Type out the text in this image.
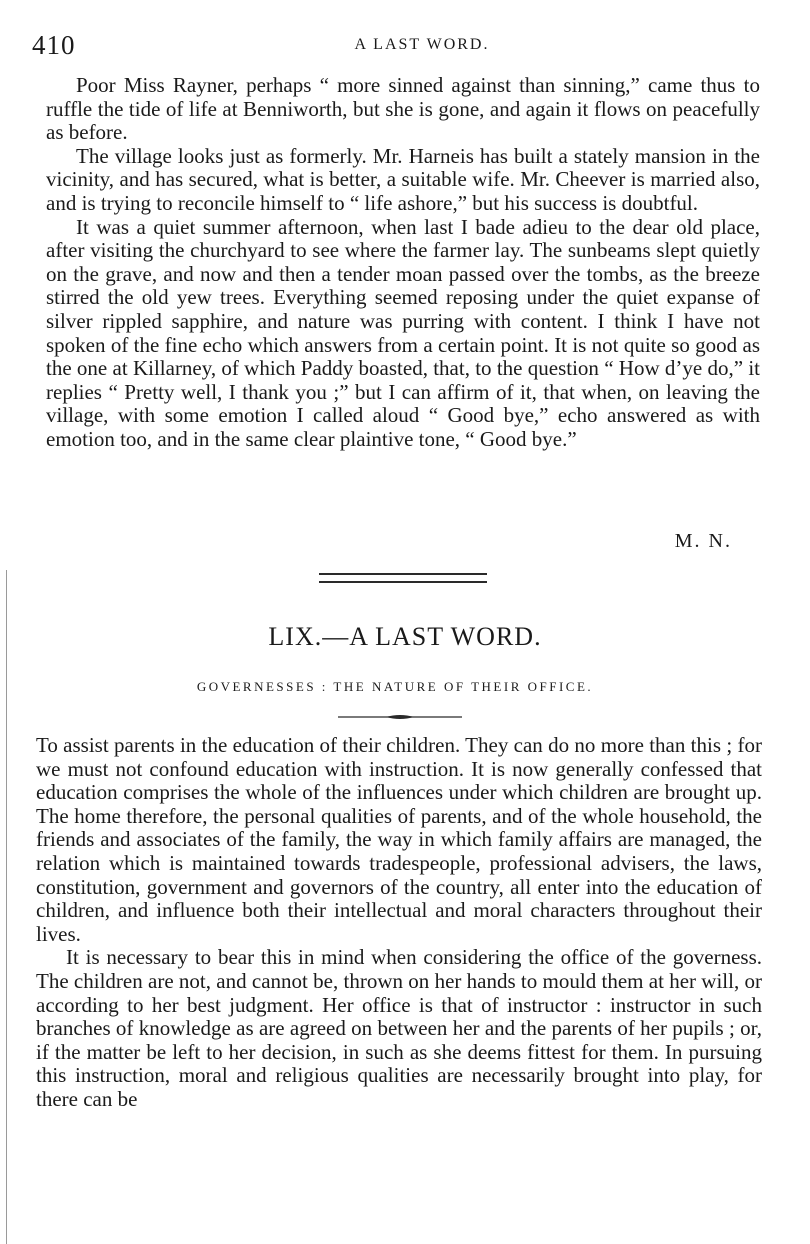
410	A LAST WORD.

Poor Miss Rayner, perhaps “ more sinned against than sinning,” came thus to ruffle the tide of life at Benniworth, but she is gone, and again it flows on peacefully as before.

The village looks just as formerly. Mr. Harneis has built a stately mansion in the vicinity, and has secured, what is better, a suitable wife. Mr. Cheever is married also, and is trying to reconcile himself to “ life ashore,” but his success is doubtful.

It was a quiet summer afternoon, when last I bade adieu to the dear old place, after visiting the churchyard to see where the farmer lay. The sunbeams slept quietly on the grave, and now and then a tender moan passed over the tombs, as the breeze stirred the old yew trees. Everything seemed reposing under the quiet expanse of silver rippled sapphire, and nature was purring with content. I think I have not spoken of the fine echo which answers from a certain point. It is not quite so good as the one at Killarney, of which Paddy boasted, that, to the question “ How d’ye do,” it replies “ Pretty well, I thank you ;” but I can affirm of it, that when, on leaving the village, with some emotion I called aloud “ Good bye,” echo answered as with emotion too, and in the same clear plaintive tone, “ Good bye.”

M. N.
LIX.—A LAST WORD.
GOVERNESSES : THE NATURE OF THEIR OFFICE.

To assist parents in the education of their children. They can do no more than this ; for we must not confound education with instruction. It is now generally confessed that education comprises the whole of the influences under which children are brought up. The home therefore, the personal qualities of parents, and of the whole household, the friends and associates of the family, the way in which family affairs are managed, the relation which is maintained towards tradespeople, professional advisers, the laws, constitution, government and governors of the country, all enter into the education of children, and influence both their intellectual and moral characters throughout their lives.

It is necessary to bear this in mind when considering the office of the governess. The children are not, and cannot be, thrown on her hands to mould them at her will, or according to her best judgment. Her office is that of instructor : instructor in such branches of knowledge as are agreed on between her and the parents of her pupils ; or, if the matter be left to her decision, in such as she deems fittest for them. In pursuing this instruction, moral and religious qualities are necessarily brought into play, for there can be
